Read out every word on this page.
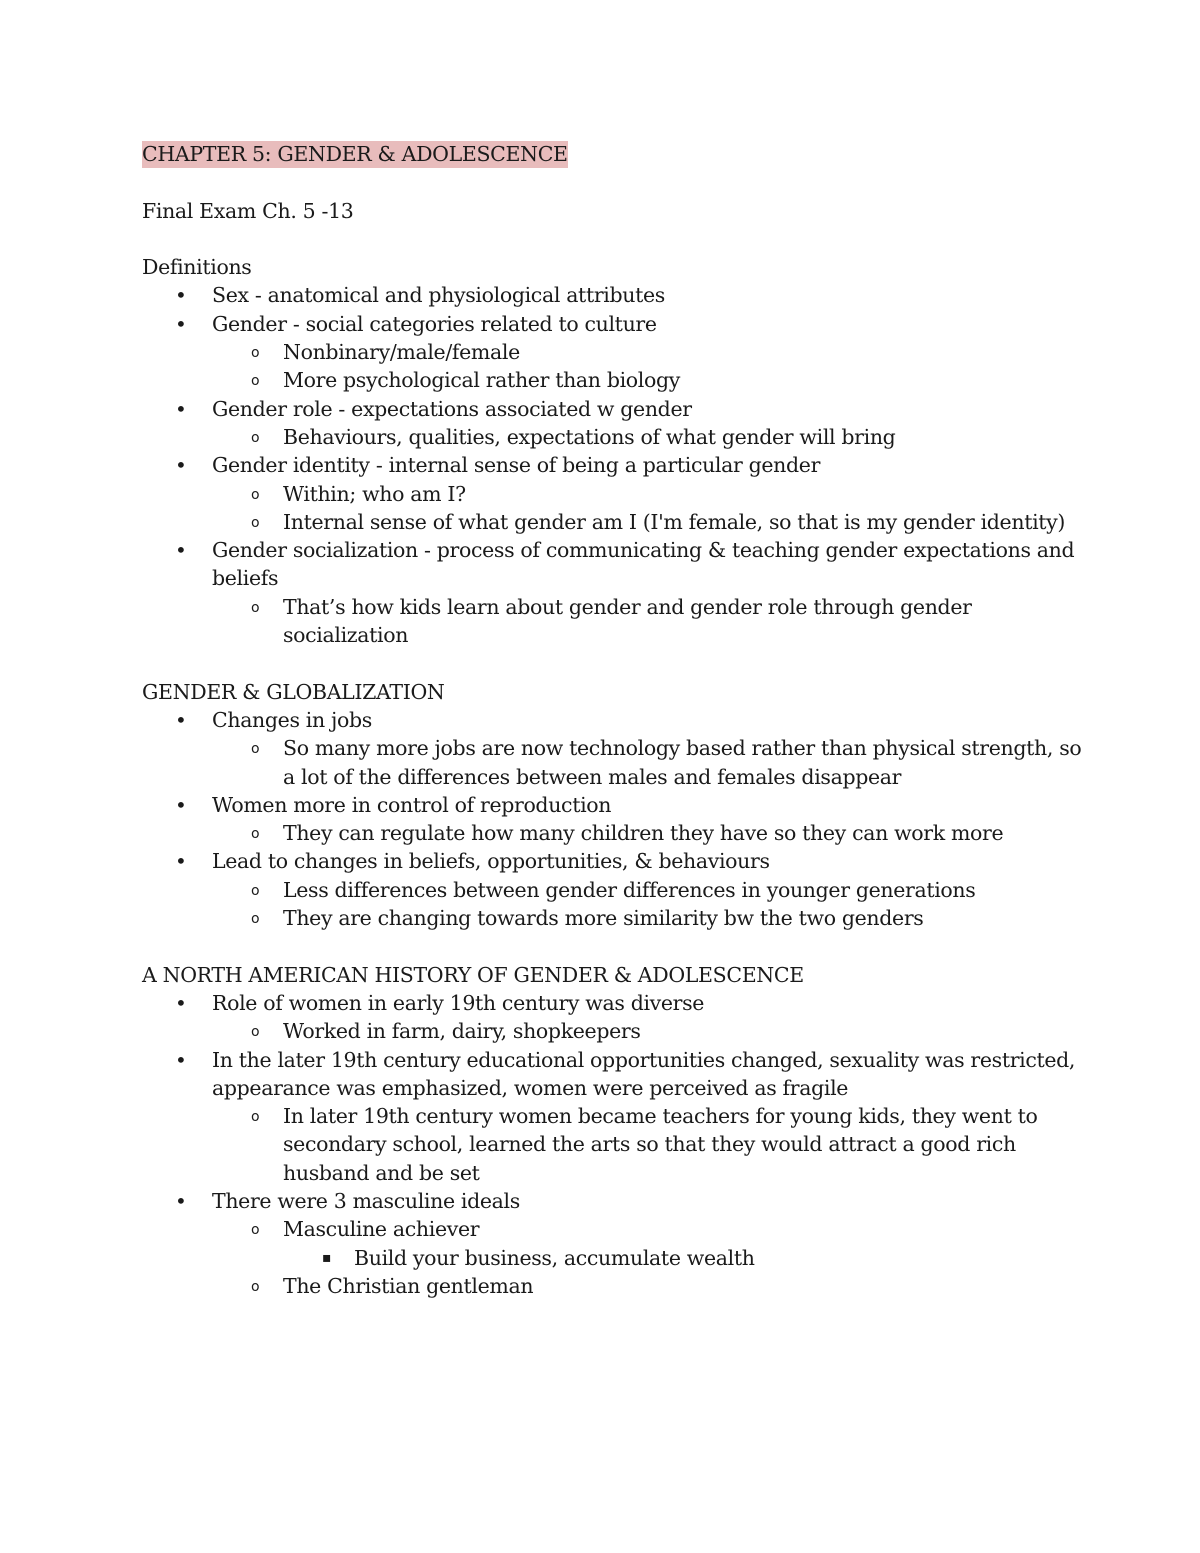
CHAPTER 5: GENDER & ADOLESCENCE

Final Exam Ch. 5 -13

Definitions

• Sex - anatomical and physiological attributes
• Gender - social categories related to culture
o Nonbinary/male/female
o More psychological rather than biology
• Gender role - expectations associated w gender
o Behaviours, qualities, expectations of what gender will bring
• Gender identity - internal sense of being a particular gender
o Within; who am I?
o Internal sense of what gender am I (I'm female, so that is my gender identity)
• Gender socialization - process of communicating & teaching gender expectations and beliefs
o That’s how kids learn about gender and gender role through gender socialization

GENDER & GLOBALIZATION

• Changes in jobs
o So many more jobs are now technology based rather than physical strength, so a lot of the differences between males and females disappear
• Women more in control of reproduction
o They can regulate how many children they have so they can work more
• Lead to changes in beliefs, opportunities, & behaviours
o Less differences between gender differences in younger generations
o They are changing towards more similarity bw the two genders

A NORTH AMERICAN HISTORY OF GENDER & ADOLESCENCE

• Role of women in early 19th century was diverse
o Worked in farm, dairy, shopkeepers
• In the later 19th century educational opportunities changed, sexuality was restricted, appearance was emphasized, women were perceived as fragile
o In later 19th century women became teachers for young kids, they went to secondary school, learned the arts so that they would attract a good rich husband and be set
• There were 3 masculine ideals
o Masculine achiever
▪ Build your business, accumulate wealth
o The Christian gentleman
